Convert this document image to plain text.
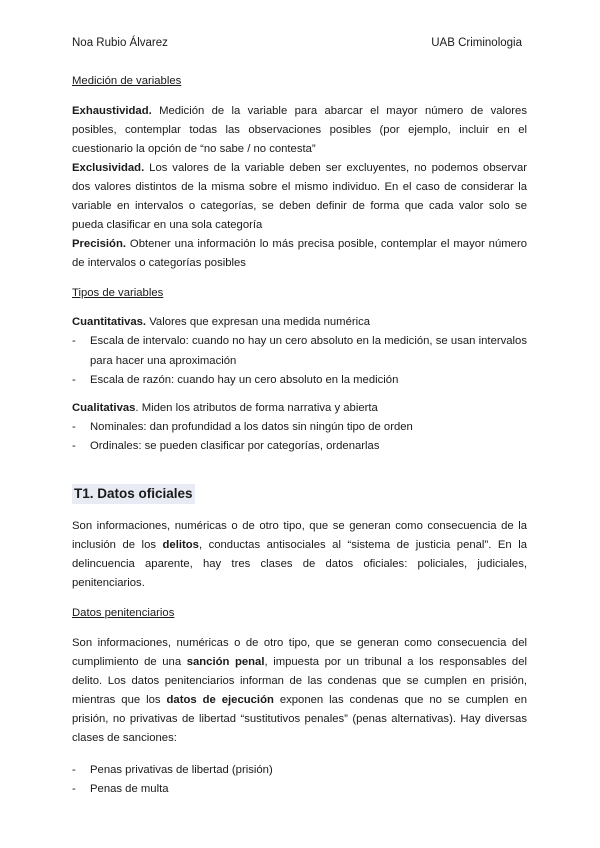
Noa Rubio Álvarez	UAB Criminologia

Medición de variables

Exhaustividad. Medición de la variable para abarcar el mayor número de valores posibles, contemplar todas las observaciones posibles (por ejemplo, incluir en el cuestionario la opción de “no sabe / no contesta”

Exclusividad. Los valores de la variable deben ser excluyentes, no podemos observar dos valores distintos de la misma sobre el mismo individuo. En el caso de considerar la variable en intervalos o categorías, se deben definir de forma que cada valor solo se pueda clasificar en una sola categoría

Precisión. Obtener una información lo más precisa posible, contemplar el mayor número de intervalos o categorías posibles

Tipos de variables

Cuantitativas. Valores que expresan una medida numérica

- Escala de intervalo: cuando no hay un cero absoluto en la medición, se usan intervalos para hacer una aproximación
- Escala de razón: cuando hay un cero absoluto en la medición

Cualitativas. Miden los atributos de forma narrativa y abierta

- Nominales: dan profundidad a los datos sin ningún tipo de orden
- Ordinales: se pueden clasificar por categorías, ordenarlas
T1. Datos oficiales

Son informaciones, numéricas o de otro tipo, que se generan como consecuencia de la inclusión de los delitos, conductas antisociales al “sistema de justicia penal”. En la delincuencia aparente, hay tres clases de datos oficiales: policiales, judiciales, penitenciarios.

Datos penitenciarios

Son informaciones, numéricas o de otro tipo, que se generan como consecuencia del cumplimiento de una sanción penal, impuesta por un tribunal a los responsables del delito. Los datos penitenciarios informan de las condenas que se cumplen en prisión, mientras que los datos de ejecución exponen las condenas que no se cumplen en prisión, no privativas de libertad “sustitutivos penales” (penas alternativas). Hay diversas clases de sanciones:

- Penas privativas de libertad (prisión)
- Penas de multa
